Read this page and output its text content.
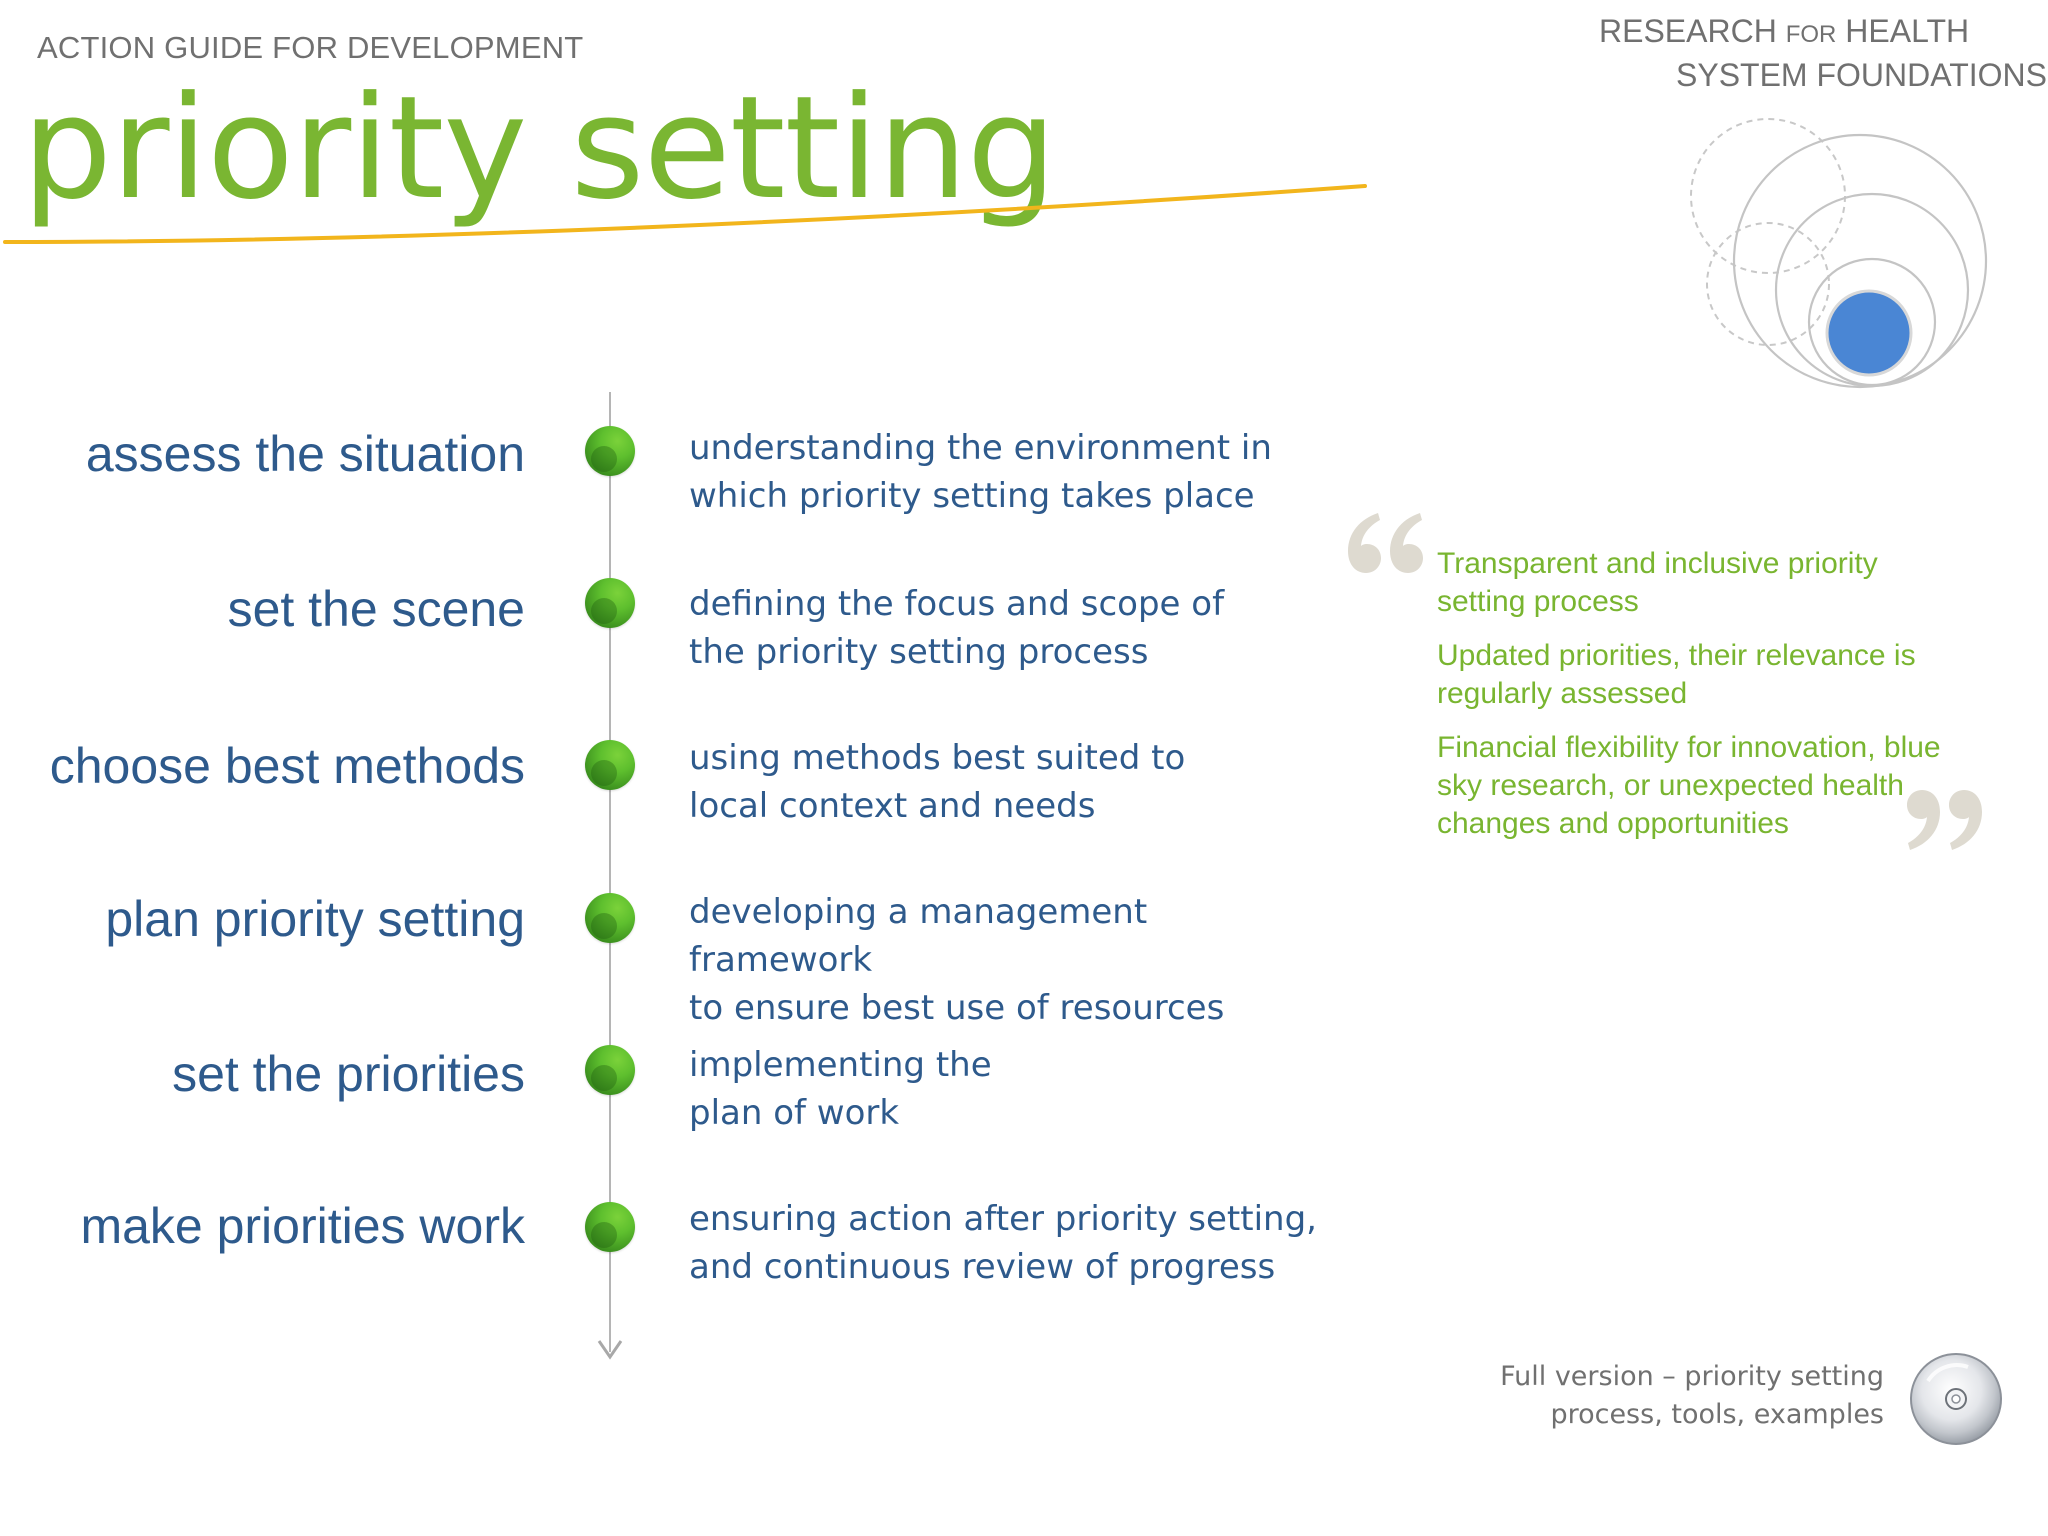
ACTION GUIDE FOR DEVELOPMENT
priority setting
RESEARCH FOR HEALTH
SYSTEM FOUNDATIONS
assess the situation	understanding the environment in
which priority setting takes place
set the scene	defining the focus and scope of
the priority setting process
choose best methods	using methods best suited to
local context and needs
plan priority setting	developing a management framework
to ensure best use of resources
set the priorities	implementing the
plan of work
make priorities work	ensuring action after priority setting,
and continuous review of progress
Transparent and inclusive priority setting process
Updated priorities, their relevance is regularly assessed
Financial flexibility for innovation, blue sky research, or unexpected health changes and opportunities
Full version – priority setting
process, tools, examples
